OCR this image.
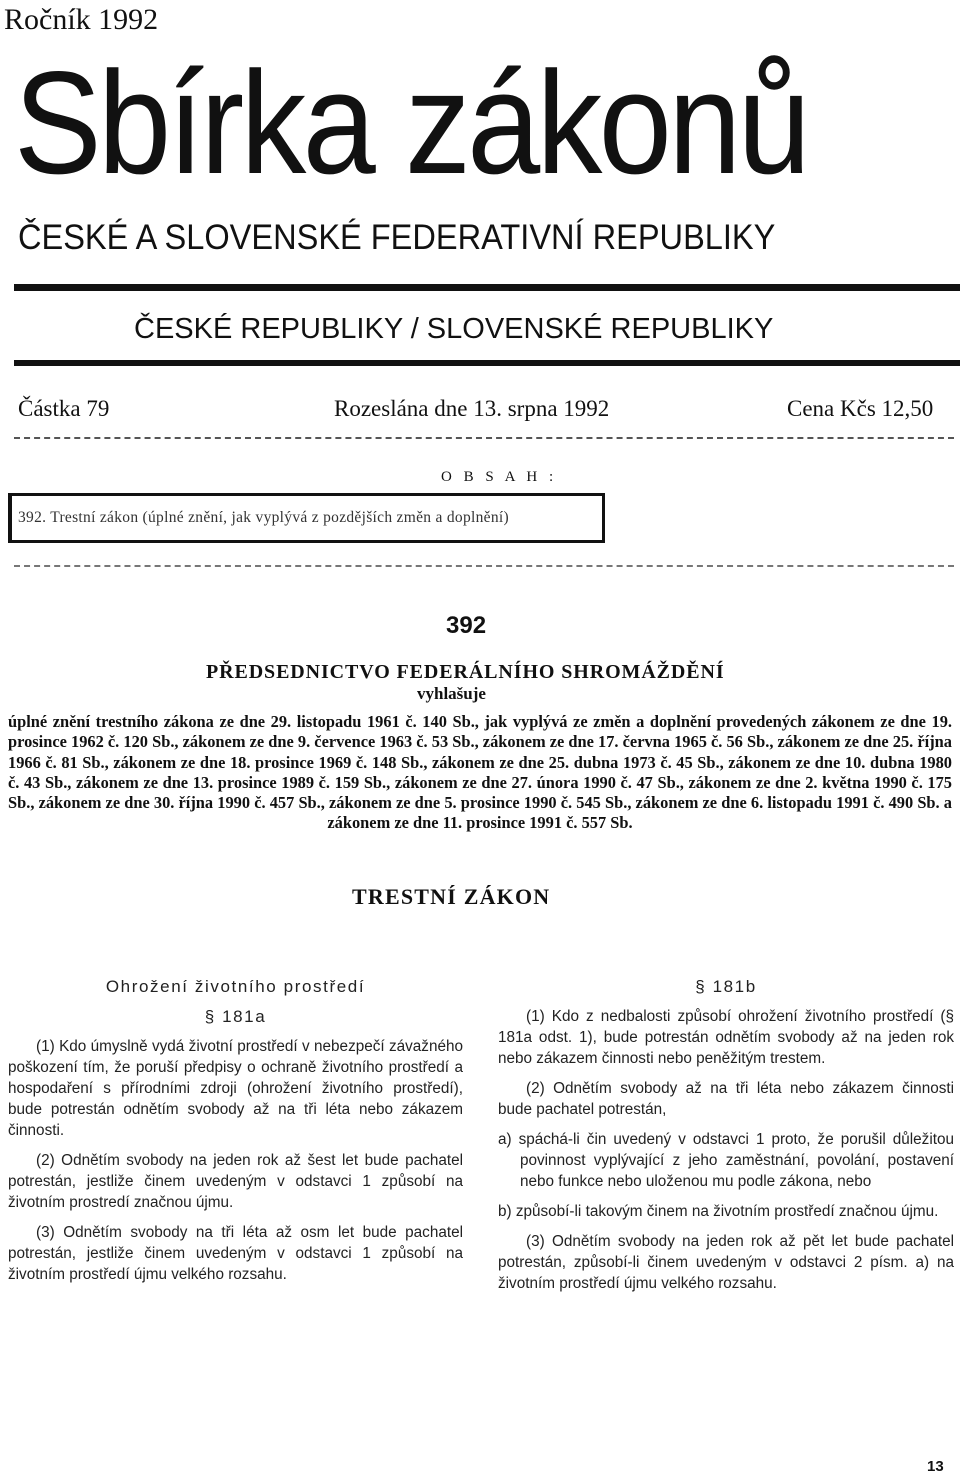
Ročník 1992
Sbírka zákonů
ČESKÉ A SLOVENSKÉ FEDERATIVNÍ REPUBLIKY
ČESKÉ REPUBLIKY / SLOVENSKÉ REPUBLIKY
Částka 79	Rozeslána dne 13. srpna 1992	Cena Kčs 12,50
O B S A H :
392. Trestní zákon (úplné znění, jak vyplývá z pozdějších změn a doplnění)
392
PŘEDSEDNICTVO FEDERÁLNÍHO SHROMÁŽDĚNÍ
vyhlašuje
úplné znění trestního zákona ze dne 29. listopadu 1961 č. 140 Sb., jak vyplývá ze změn a doplnění provedených zákonem ze dne 19. prosince 1962 č. 120 Sb., zákonem ze dne 9. července 1963 č. 53 Sb., zákonem ze dne 17. června 1965 č. 56 Sb., zákonem ze dne 25. října 1966 č. 81 Sb., zákonem ze dne 18. prosince 1969 č. 148 Sb., zákonem ze dne 25. dubna 1973 č. 45 Sb., zákonem ze dne 10. dubna 1980 č. 43 Sb., zákonem ze dne 13. prosince 1989 č. 159 Sb., zákonem ze dne 27. února 1990 č. 47 Sb., zákonem ze dne 2. května 1990 č. 175 Sb., zákonem ze dne 30. října 1990 č. 457 Sb., zákonem ze dne 5. prosince 1990 č. 545 Sb., zákonem ze dne 6. listopadu 1991 č. 490 Sb. a zákonem ze dne 11. prosince 1991 č. 557 Sb.
TRESTNÍ ZÁKON
Ohrožení životního prostředí
§ 181a

(1) Kdo úmyslně vydá životní prostředí v nebezpečí závažného poškození tím, že poruší předpisy o ochraně životního prostředí a hospodaření s přírodními zdroji (ohrožení životního prostředí), bude potrestán odnětím svobody až na tři léta nebo zákazem činnosti.

(2) Odnětím svobody na jeden rok až šest let bude pachatel potrestán, jestliže činem uvedeným v odstavci 1 způsobí na životním prostredí značnou újmu.

(3) Odnětím svobody na tři léta až osm let bude pachatel potrestán, jestliže činem uvedeným v odstavci 1 způsobí na životním prostředí újmu velkého rozsahu.

§ 181b

(1) Kdo z nedbalosti způsobí ohrožení životního prostředí (§ 181a odst. 1), bude potrestán odnětím svobody až na jeden rok nebo zákazem činnosti nebo peněžitým trestem.

(2) Odnětím svobody až na tři léta nebo zákazem činnosti bude pachatel potrestán,

a) spáchá-li čin uvedený v odstavci 1 proto, že porušil důležitou povinnost vyplývající z jeho zaměstnání, povolání, postavení nebo funkce nebo uloženou mu podle zákona, nebo

b) způsobí-li takovým činem na životním prostředí značnou újmu.

(3) Odnětím svobody na jeden rok až pět let bude pachatel potrestán, způsobí-li činem uvedeným v odstavci 2 písm. a) na životním prostředí újmu velkého rozsahu.

13
